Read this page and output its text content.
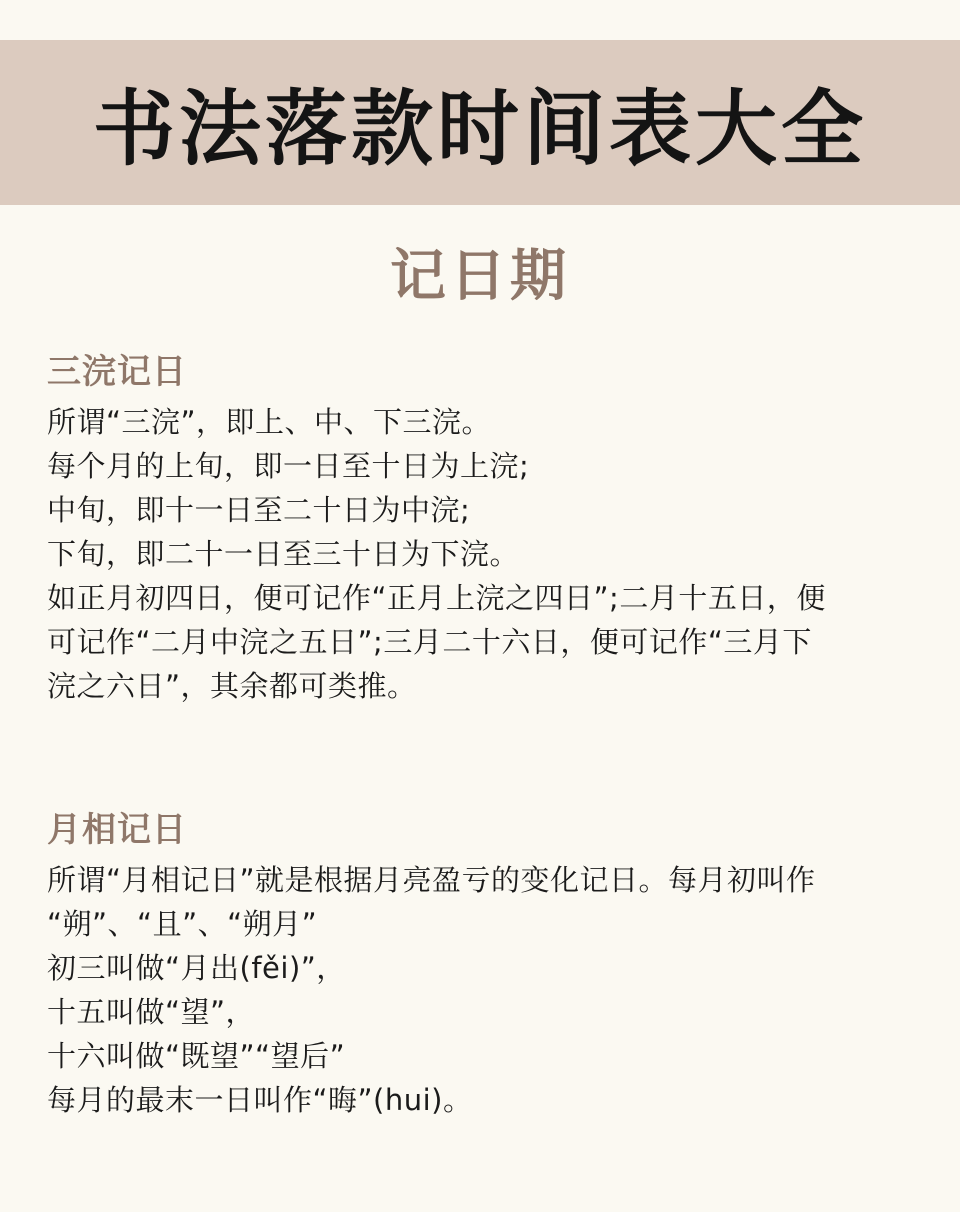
书法落款时间表大全
记日期
三浣记日
所谓“三浣”，即上、中、下三浣。
每个月的上旬，即一日至十日为上浣;
中旬，即十一日至二十日为中浣;
下旬，即二十一日至三十日为下浣。
如正月初四日，便可记作“正月上浣之四日”;二月十五日，便
可记作“二月中浣之五日”;三月二十六日，便可记作“三月下
浣之六日”，其余都可类推。
月相记日
所谓“月相记日”就是根据月亮盈亏的变化记日。每月初叫作
“朔”、“且”、“朔月”
初三叫做“月出(fěi)”，
十五叫做“望”，
十六叫做“既望”“望后”
每月的最末一日叫作“晦”(hui)。
